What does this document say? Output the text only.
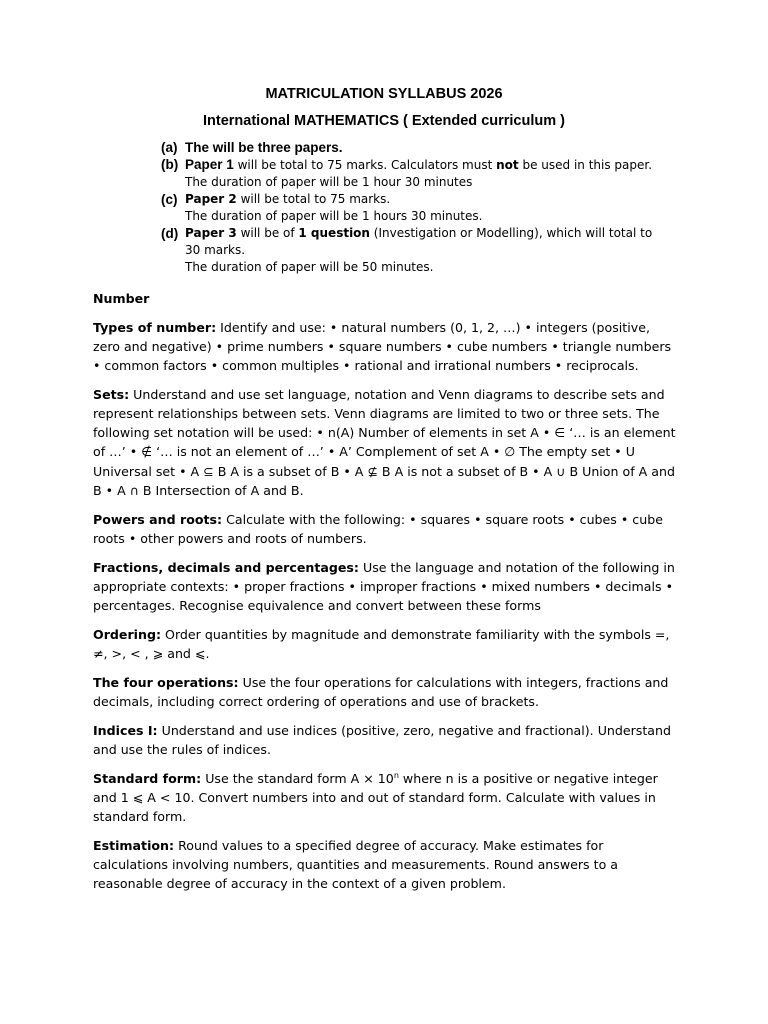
MATRICULATION SYLLABUS 2026
International MATHEMATICS ( Extended curriculum )
(a) The will be three papers.
(b) Paper 1 will be total to 75 marks. Calculators must not be used in this paper.
The duration of paper will be 1 hour 30 minutes
(c) Paper 2 will be total to 75 marks.
The duration of paper will be 1 hours 30 minutes.
(d) Paper 3 will be of 1 question (Investigation or Modelling), which will total to 30 marks.
The duration of paper will be 50 minutes.
Number

Types of number: Identify and use: • natural numbers (0, 1, 2, …) • integers (positive, zero and negative) • prime numbers • square numbers • cube numbers • triangle numbers • common factors • common multiples • rational and irrational numbers • reciprocals.

Sets: Understand and use set language, notation and Venn diagrams to describe sets and represent relationships between sets. Venn diagrams are limited to two or three sets. The following set notation will be used: • n(A) Number of elements in set A • ∈ ‘… is an element of …’ • ∉ ‘… is not an element of …’ • A’ Complement of set A • ∅ The empty set • U Universal set • A ⊆ B A is a subset of B • A ⊈ B A is not a subset of B • A ∪ B Union of A and B • A ∩ B Intersection of A and B.

Powers and roots: Calculate with the following: • squares • square roots • cubes • cube roots • other powers and roots of numbers.

Fractions, decimals and percentages: Use the language and notation of the following in appropriate contexts: • proper fractions • improper fractions • mixed numbers • decimals • percentages. Recognise equivalence and convert between these forms

Ordering: Order quantities by magnitude and demonstrate familiarity with the symbols =, ≠, >, < , ⩾ and ⩽.

The four operations: Use the four operations for calculations with integers, fractions and decimals, including correct ordering of operations and use of brackets.

Indices I: Understand and use indices (positive, zero, negative and fractional). Understand and use the rules of indices.

Standard form: Use the standard form $A \times 10^n$ where n is a positive or negative integer and 1 ⩽ A < 10. Convert numbers into and out of standard form. Calculate with values in standard form.

Estimation: Round values to a specified degree of accuracy. Make estimates for calculations involving numbers, quantities and measurements. Round answers to a reasonable degree of accuracy in the context of a given problem.
